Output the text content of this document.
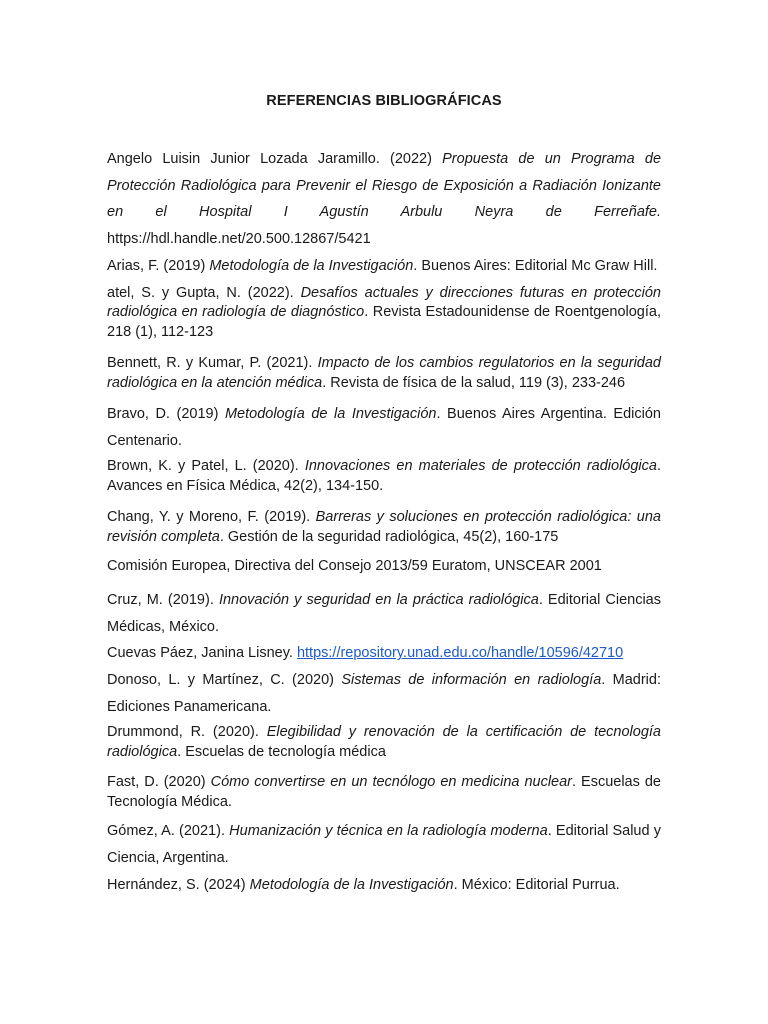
REFERENCIAS BIBLIOGRÁFICAS

Angelo Luisin Junior Lozada Jaramillo. (2022) Propuesta de un Programa de Protección Radiológica para Prevenir el Riesgo de Exposición a Radiación Ionizante en el Hospital I Agustín Arbulu Neyra de Ferreñafe. https://hdl.handle.net/20.500.12867/5421

Arias, F. (2019) Metodología de la Investigación. Buenos Aires: Editorial Mc Graw Hill.

atel, S. y Gupta, N. (2022). Desafíos actuales y direcciones futuras en protección radiológica en radiología de diagnóstico. Revista Estadounidense de Roentgenología, 218 (1), 112-123

Bennett, R. y Kumar, P. (2021). Impacto de los cambios regulatorios en la seguridad radiológica en la atención médica. Revista de física de la salud, 119 (3), 233-246

Bravo, D. (2019) Metodología de la Investigación. Buenos Aires Argentina. Edición Centenario.

Brown, K. y Patel, L. (2020). Innovaciones en materiales de protección radiológica. Avances en Física Médica, 42(2), 134-150.

Chang, Y. y Moreno, F. (2019). Barreras y soluciones en protección radiológica: una revisión completa. Gestión de la seguridad radiológica, 45(2), 160-175

Comisión Europea, Directiva del Consejo 2013/59 Euratom, UNSCEAR 2001

Cruz, M. (2019). Innovación y seguridad en la práctica radiológica. Editorial Ciencias Médicas, México.

Cuevas Páez, Janina Lisney. https://repository.unad.edu.co/handle/10596/42710

Donoso, L. y Martínez, C. (2020) Sistemas de información en radiología. Madrid: Ediciones Panamericana.

Drummond, R. (2020). Elegibilidad y renovación de la certificación de tecnología radiológica. Escuelas de tecnología médica

Fast, D. (2020) Cómo convertirse en un tecnólogo en medicina nuclear. Escuelas de Tecnología Médica.

Gómez, A. (2021). Humanización y técnica en la radiología moderna. Editorial Salud y Ciencia, Argentina.

Hernández, S. (2024) Metodología de la Investigación. México: Editorial Purrua.
